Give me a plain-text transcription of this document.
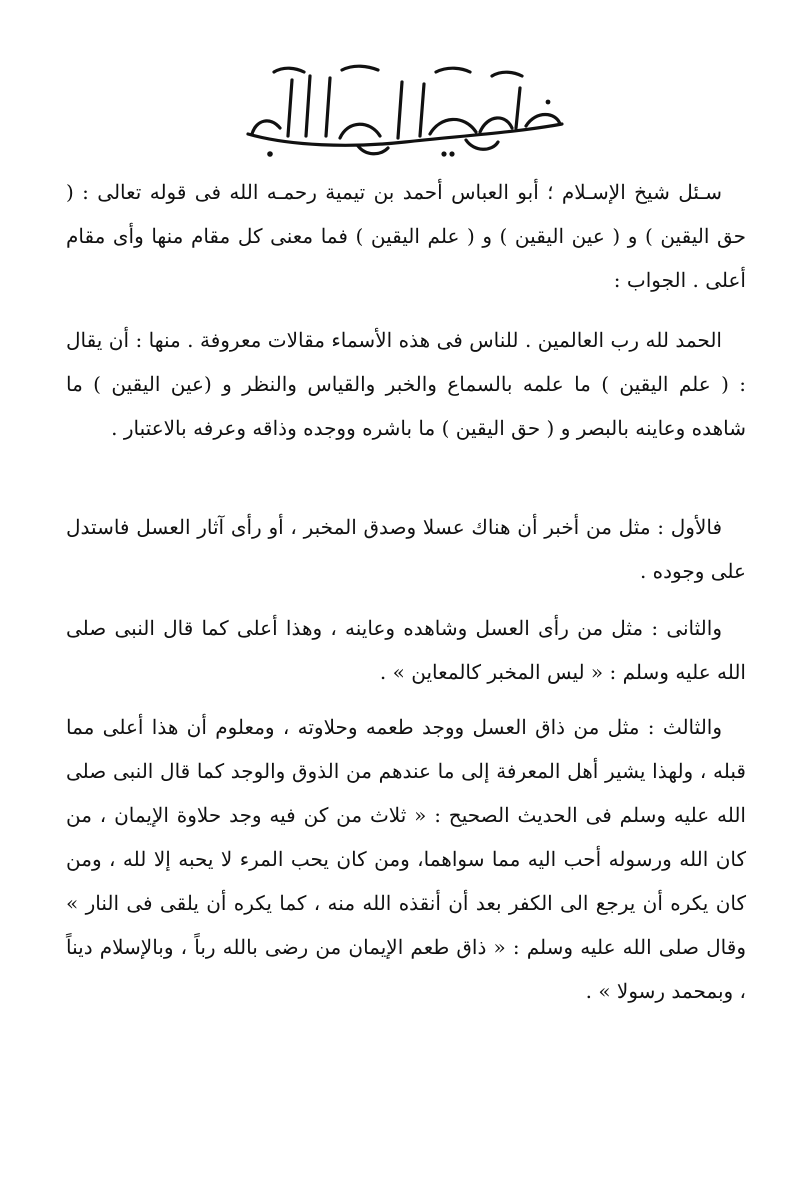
سـئل شيخ الإسـلام ؛ أبو العباس أحمد بن تيمية رحمـه الله فى قوله تعالى : ( حق اليقين ) و ( عين اليقين ) و ( علم اليقين ) فما معنى كل مقام منها وأى مقام أعلى . الجواب :

الحمد لله رب العالمين . للناس فى هذه الأسماء مقالات معروفة . منها : أن يقال : ( علم اليقين ) ما علمه بالسماع والخبر والقياس والنظر و (عين اليقين ) ما شاهده وعاينه بالبصر و ( حق اليقين ) ما باشره ووجده وذاقه وعرفه بالاعتبار .

فالأول : مثل من أخبر أن هناك عسلا وصدق المخبر ، أو رأى آثار العسل فاستدل على وجوده .

والثانى : مثل من رأى العسل وشاهده وعاينه ، وهذا أعلى كما قال النبى صلى الله عليه وسلم : « ليس المخبر كالمعاين » .

والثالث : مثل من ذاق العسل ووجد طعمه وحلاوته ، ومعلوم أن هذا أعلى مما قبله ، ولهذا يشير أهل المعرفة إلى ما عندهم من الذوق والوجد كما قال النبى صلى الله عليه وسلم فى الحديث الصحيح : « ثلاث من كن فيه وجد حلاوة الإيمان ، من كان الله ورسوله أحب اليه مما سواهما، ومن كان يحب المرء لا يحبه إلا لله ، ومن كان يكره أن يرجع الى الكفر بعد أن أنقذه الله منه ، كما يكره أن يلقى فى النار » وقال صلى الله عليه وسلم : « ذاق طعم الإيمان من رضى بالله رباً ، وبالإسلام ديناً ، وبمحمد رسولا » .
